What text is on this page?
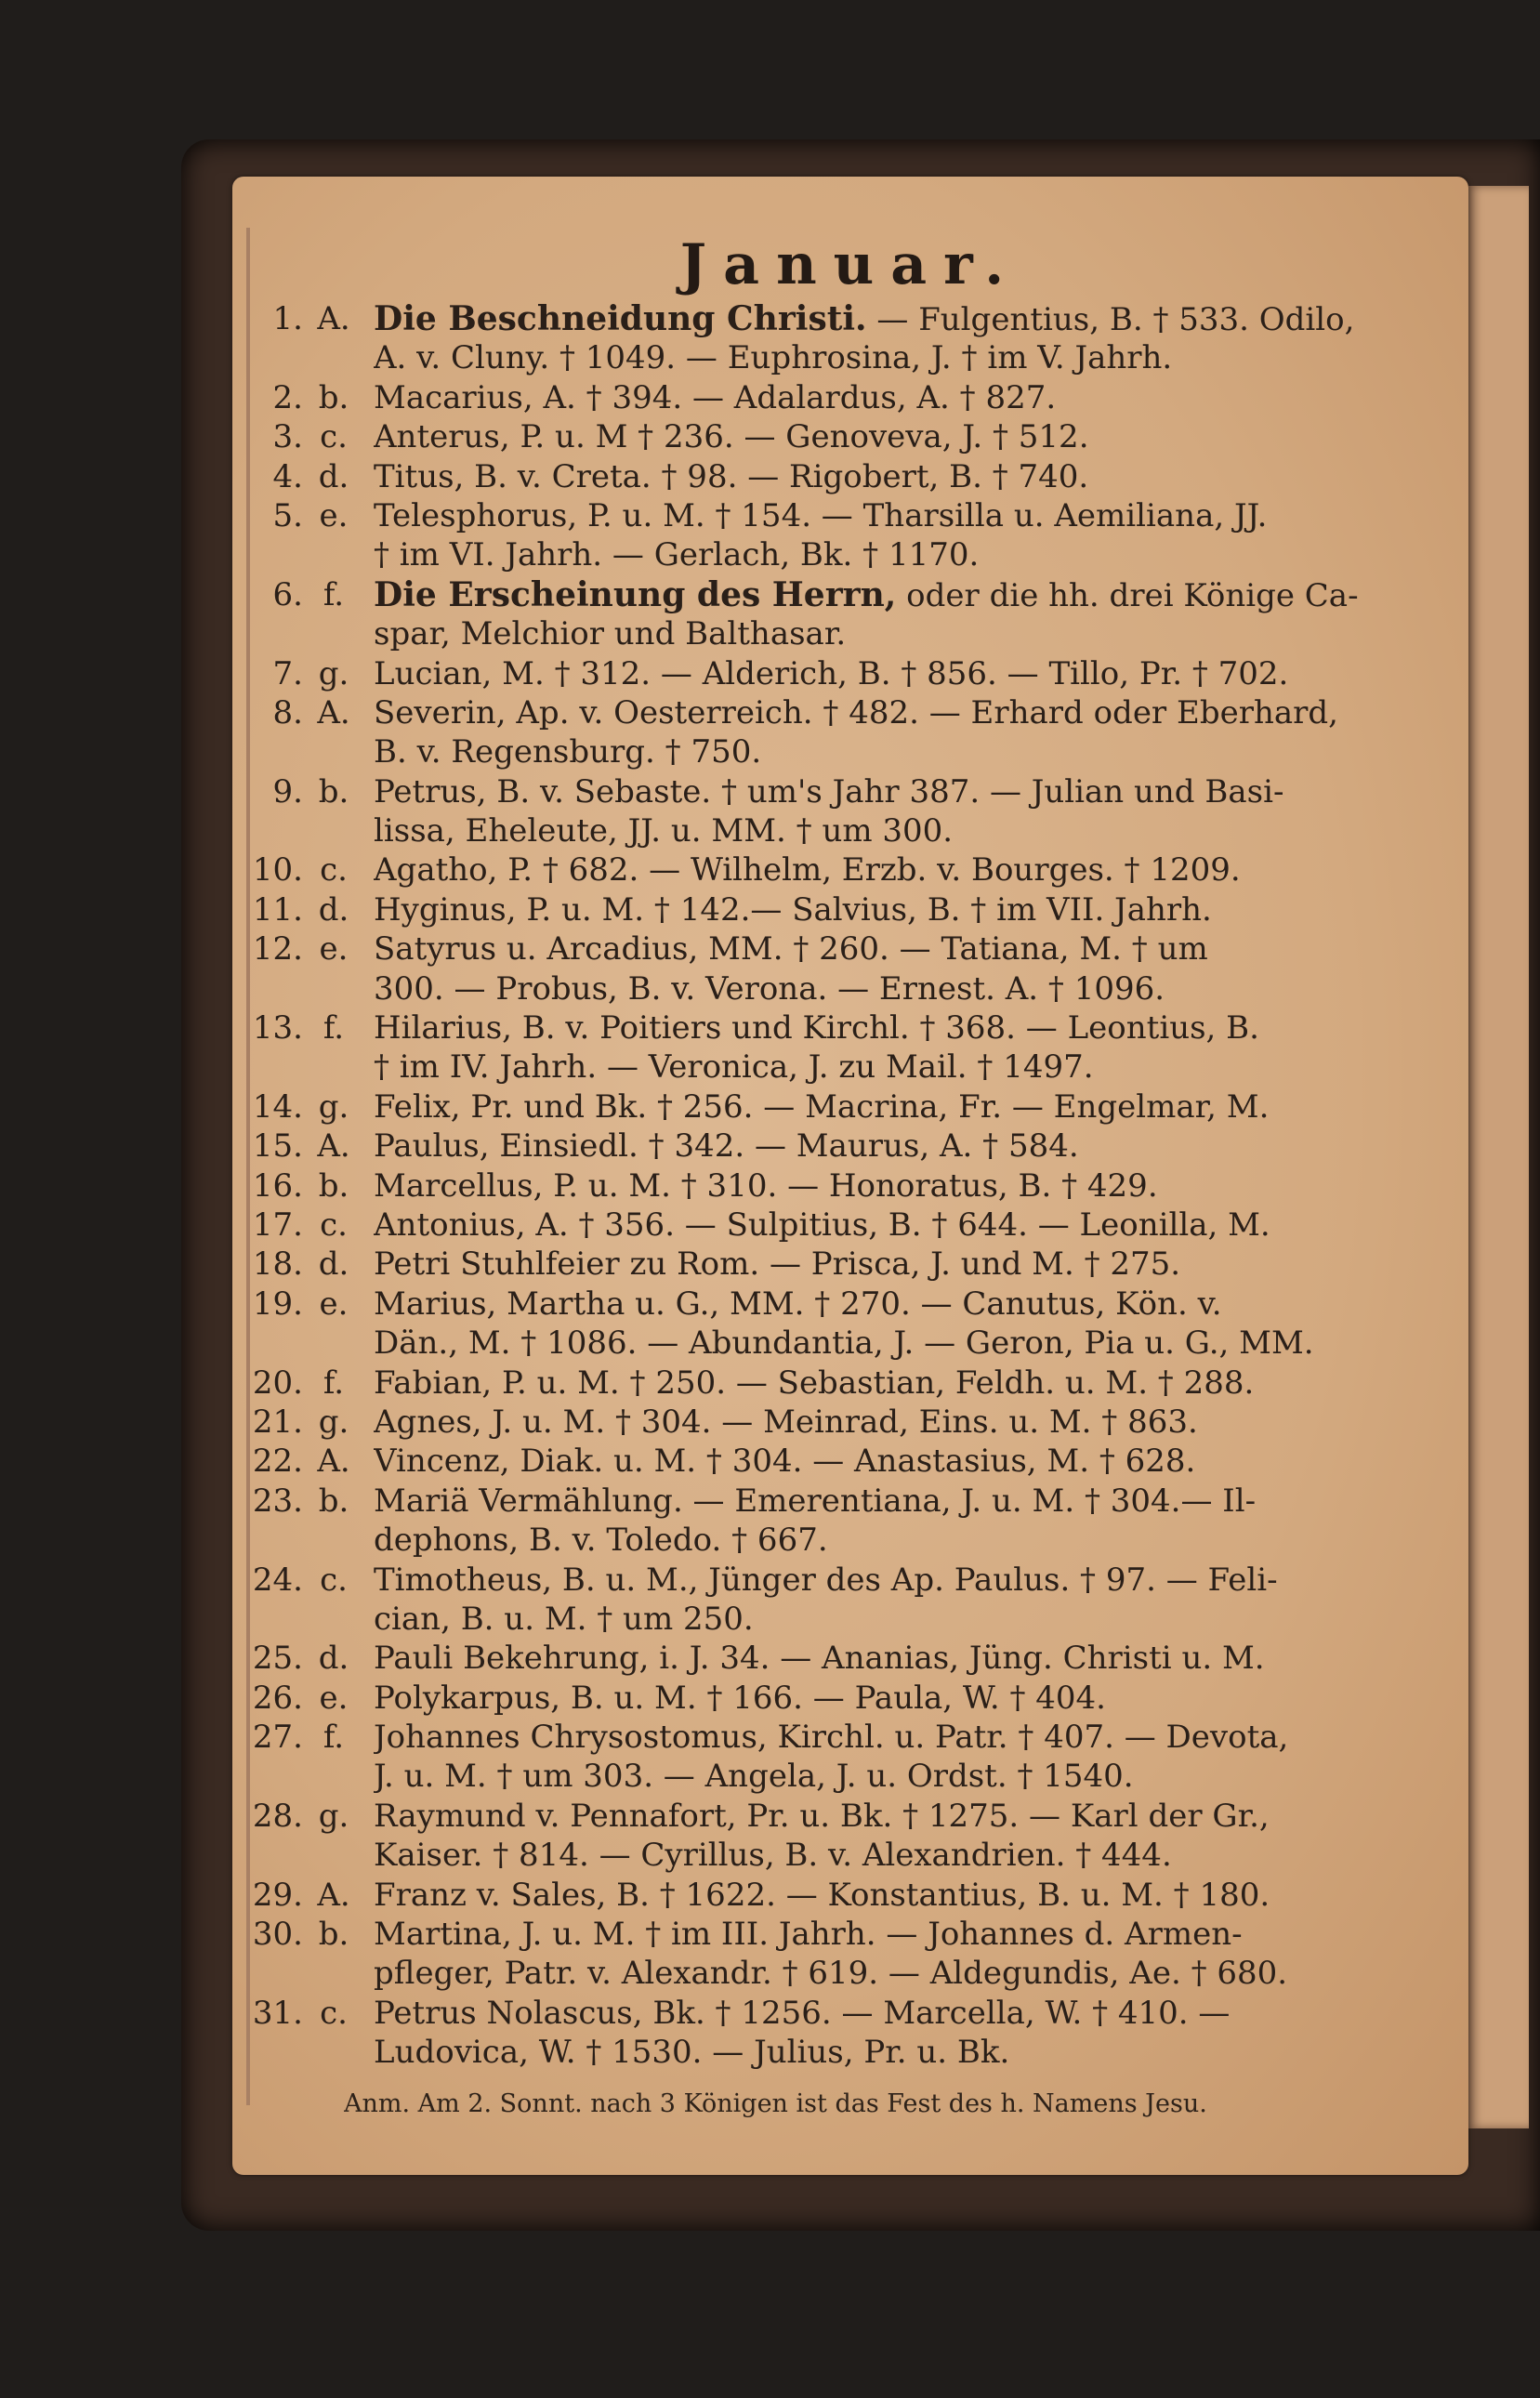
Januar.
1. A. Die Beschneidung Christi. — Fulgentius, B. † 533. Odilo,
A. v. Cluny. † 1049. — Euphrosina, J. † im V. Jahrh.
2. b. Macarius, A. † 394. — Adalardus, A. † 827.
3. c. Anterus, P. u. M † 236. — Genoveva, J. † 512.
4. d. Titus, B. v. Creta. † 98. — Rigobert, B. † 740.
5. e. Telesphorus, P. u. M. † 154. — Tharsilla u. Aemiliana, JJ.
† im VI. Jahrh. — Gerlach, Bk. † 1170.
6. f. Die Erscheinung des Herrn, oder die hh. drei Könige Ca-
spar, Melchior und Balthasar.
7. g. Lucian, M. † 312. — Alderich, B. † 856. — Tillo, Pr. † 702.
8. A. Severin, Ap. v. Oesterreich. † 482. — Erhard oder Eberhard,
B. v. Regensburg. † 750.
9. b. Petrus, B. v. Sebaste. † um's Jahr 387. — Julian und Basi-
lissa, Eheleute, JJ. u. MM. † um 300.
10. c. Agatho, P. † 682. — Wilhelm, Erzb. v. Bourges. † 1209.
11. d. Hyginus, P. u. M. † 142.— Salvius, B. † im VII. Jahrh.
12. e. Satyrus u. Arcadius, MM. † 260. — Tatiana, M. † um
300. — Probus, B. v. Verona. — Ernest. A. † 1096.
13. f. Hilarius, B. v. Poitiers und Kirchl. † 368. — Leontius, B.
† im IV. Jahrh. — Veronica, J. zu Mail. † 1497.
14. g. Felix, Pr. und Bk. † 256. — Macrina, Fr. — Engelmar, M.
15. A. Paulus, Einsiedl. † 342. — Maurus, A. † 584.
16. b. Marcellus, P. u. M. † 310. — Honoratus, B. † 429.
17. c. Antonius, A. † 356. — Sulpitius, B. † 644. — Leonilla, M.
18. d. Petri Stuhlfeier zu Rom. — Prisca, J. und M. † 275.
19. e. Marius, Martha u. G., MM. † 270. — Canutus, Kön. v.
Dän., M. † 1086. — Abundantia, J. — Geron, Pia u. G., MM.
20. f. Fabian, P. u. M. † 250. — Sebastian, Feldh. u. M. † 288.
21. g. Agnes, J. u. M. † 304. — Meinrad, Eins. u. M. † 863.
22. A. Vincenz, Diak. u. M. † 304. — Anastasius, M. † 628.
23. b. Mariä Vermählung. — Emerentiana, J. u. M. † 304.— Il-
dephons, B. v. Toledo. † 667.
24. c. Timotheus, B. u. M., Jünger des Ap. Paulus. † 97. — Feli-
cian, B. u. M. † um 250.
25. d. Pauli Bekehrung, i. J. 34. — Ananias, Jüng. Christi u. M.
26. e. Polykarpus, B. u. M. † 166. — Paula, W. † 404.
27. f. Johannes Chrysostomus, Kirchl. u. Patr. † 407. — Devota,
J. u. M. † um 303. — Angela, J. u. Ordst. † 1540.
28. g. Raymund v. Pennafort, Pr. u. Bk. † 1275. — Karl der Gr.,
Kaiser. † 814. — Cyrillus, B. v. Alexandrien. † 444.
29. A. Franz v. Sales, B. † 1622. — Konstantius, B. u. M. † 180.
30. b. Martina, J. u. M. † im III. Jahrh. — Johannes d. Armen-
pfleger, Patr. v. Alexandr. † 619. — Aldegundis, Ae. † 680.
31. c. Petrus Nolascus, Bk. † 1256. — Marcella, W. † 410. —
Ludovica, W. † 1530. — Julius, Pr. u. Bk.
Anm. Am 2. Sonnt. nach 3 Königen ist das Fest des h. Namens Jesu.
